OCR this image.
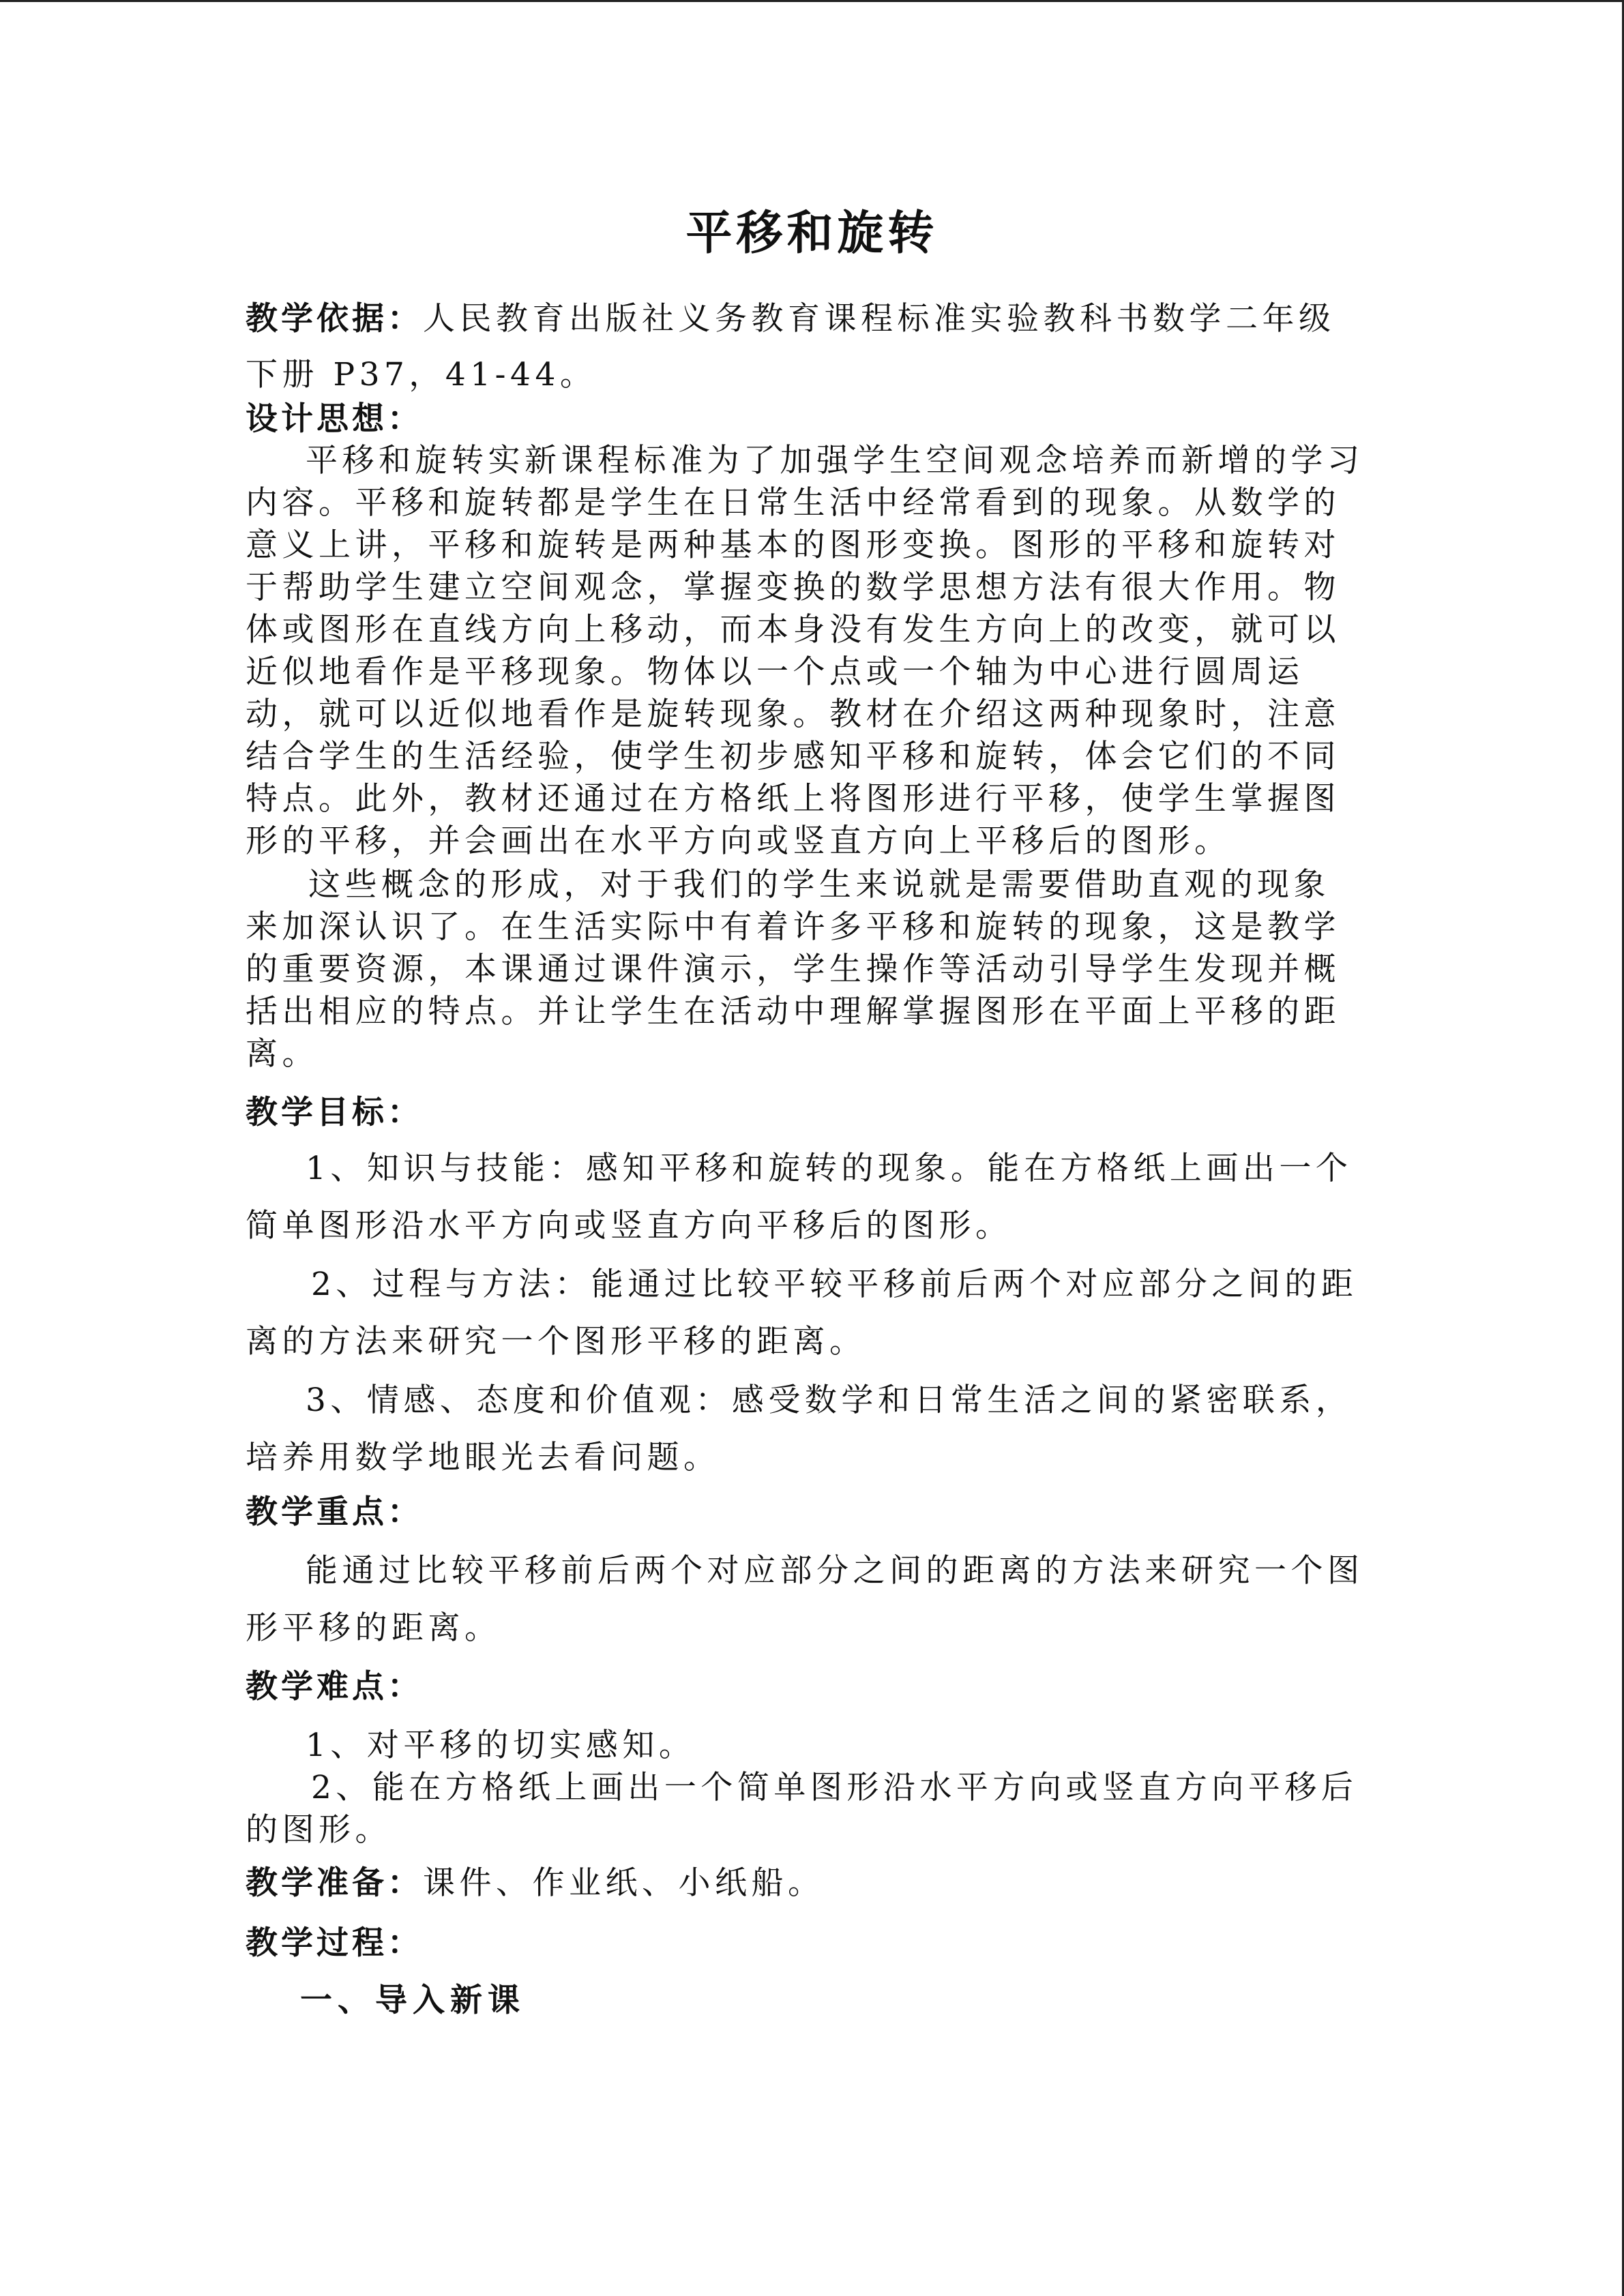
平移和旋转
教学依据：人民教育出版社义务教育课程标准实验教科书数学二年级
下册 P37，41-44。
设计思想：
平移和旋转实新课程标准为了加强学生空间观念培养而新增的学习
内容。平移和旋转都是学生在日常生活中经常看到的现象。从数学的
意义上讲，平移和旋转是两种基本的图形变换。图形的平移和旋转对
于帮助学生建立空间观念，掌握变换的数学思想方法有很大作用。物
体或图形在直线方向上移动，而本身没有发生方向上的改变，就可以
近似地看作是平移现象。物体以一个点或一个轴为中心进行圆周运
动，就可以近似地看作是旋转现象。教材在介绍这两种现象时，注意
结合学生的生活经验，使学生初步感知平移和旋转，体会它们的不同
特点。此外，教材还通过在方格纸上将图形进行平移，使学生掌握图
形的平移，并会画出在水平方向或竖直方向上平移后的图形。
这些概念的形成，对于我们的学生来说就是需要借助直观的现象
来加深认识了。在生活实际中有着许多平移和旋转的现象，这是教学
的重要资源，本课通过课件演示，学生操作等活动引导学生发现并概
括出相应的特点。并让学生在活动中理解掌握图形在平面上平移的距
离。
教学目标：
1、知识与技能：感知平移和旋转的现象。能在方格纸上画出一个
简单图形沿水平方向或竖直方向平移后的图形。
2、过程与方法：能通过比较平较平移前后两个对应部分之间的距
离的方法来研究一个图形平移的距离。
3、情感、态度和价值观：感受数学和日常生活之间的紧密联系，
培养用数学地眼光去看问题。
教学重点：
能通过比较平移前后两个对应部分之间的距离的方法来研究一个图
形平移的距离。
教学难点：
1、对平移的切实感知。
2、能在方格纸上画出一个简单图形沿水平方向或竖直方向平移后
的图形。
教学准备：课件、作业纸、小纸船。
教学过程：
一、导入新课
